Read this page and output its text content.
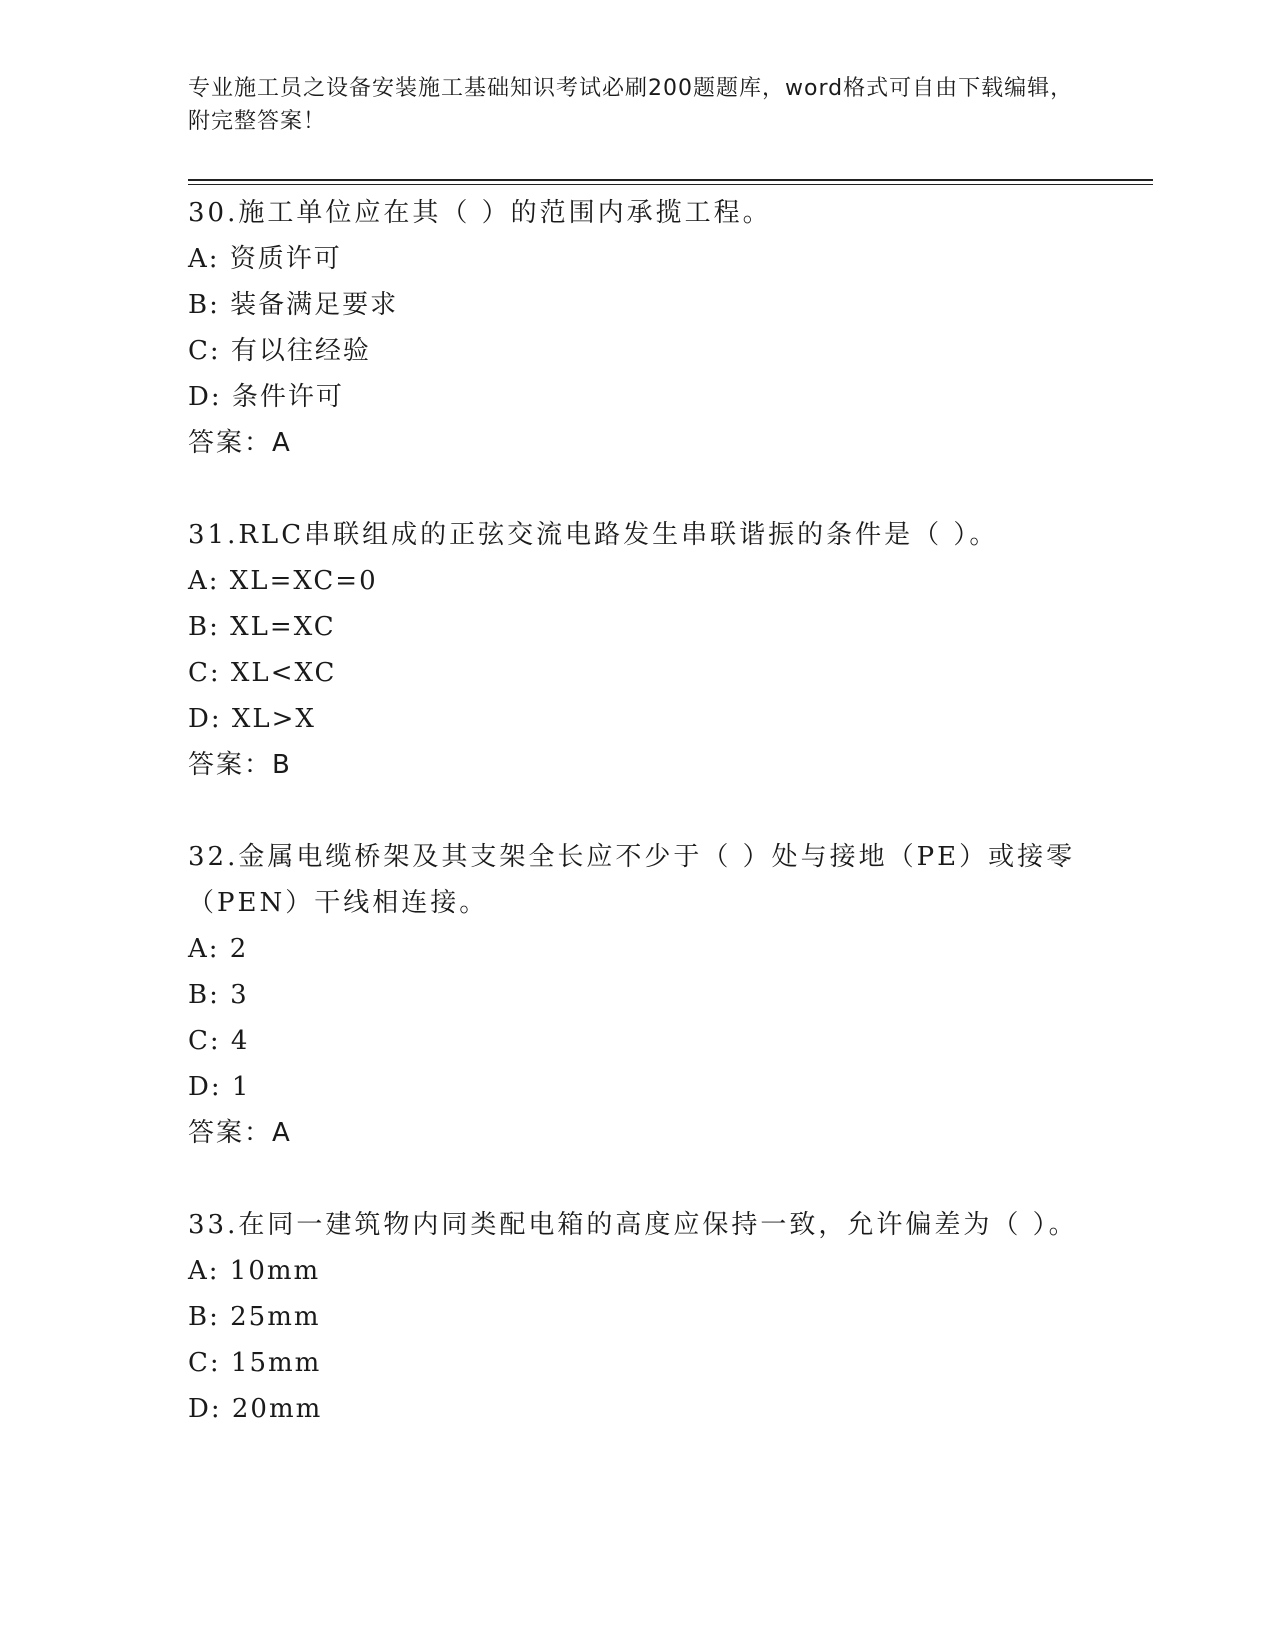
专业施工员之设备安装施工基础知识考试必刷200题题库，word格式可自由下载编辑，附完整答案！

30.施工单位应在其（ ）的范围内承揽工程。

A: 资质许可

B: 装备满足要求

C: 有以往经验

D: 条件许可

答案：A

31.RLC串联组成的正弦交流电路发生串联谐振的条件是（ ）。

A: XL=XC=0

B: XL=XC

C: XL<XC

D: XL>X

答案：B

32.金属电缆桥架及其支架全长应不少于（ ）处与接地（PE）或接零（PEN）干线相连接。

A: 2

B: 3

C: 4

D: 1

答案：A

33.在同一建筑物内同类配电箱的高度应保持一致，允许偏差为（ ）。

A: 10mm

B: 25mm

C: 15mm

D: 20mm
